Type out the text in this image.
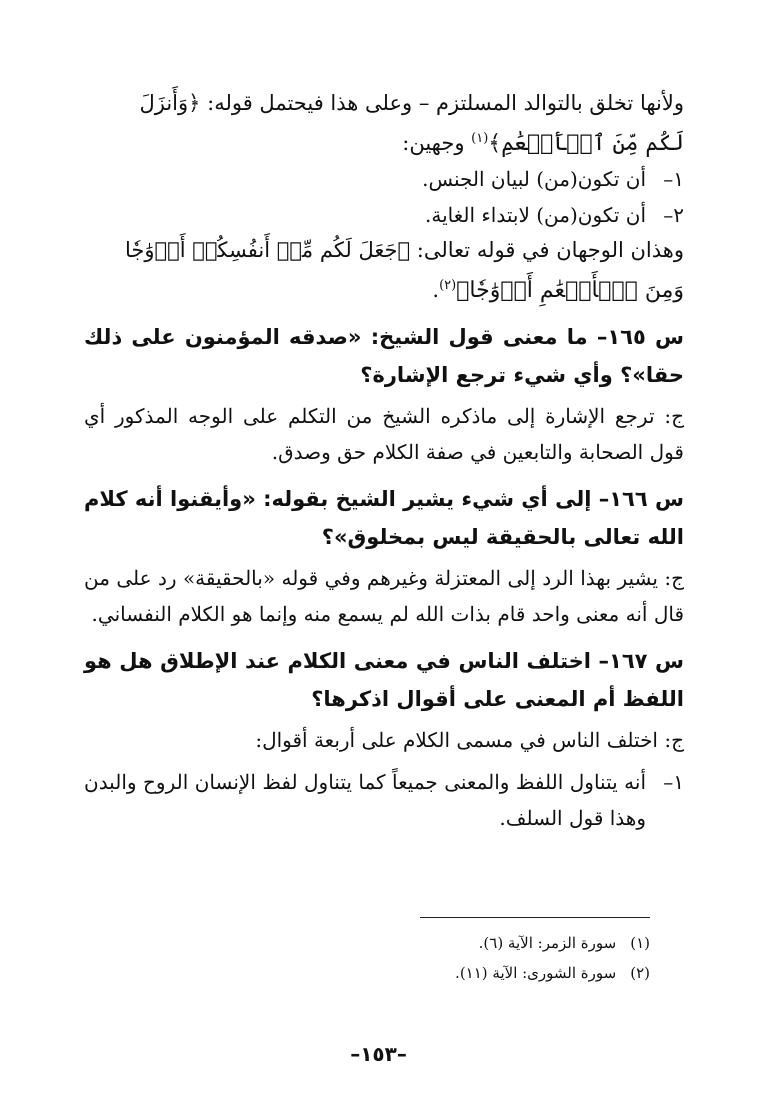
ولأنها تخلق بالتوالد المسلتزم – وعلى هذا فيحتمل قوله: ﴿وَأَنزَلَ

لَكُم مِّنَ ٱلۡأَنۡعَٰمِ﴾$^{(١)}$ وجهين:

١–
أن تكون(من) لبيان الجنس.
٢–
أن تكون(من) لابتداء الغاية.

وهذان الوجهان في قوله تعالى: ﴿جَعَلَ لَكُم مِّنۡ أَنفُسِكُمۡ أَزۡوَٰجٗا

وَمِنَ ٱلۡأَنۡعَٰمِ أَزۡوَٰجٗا﴾$^{(٢)}$.

س ١٦٥– ما معنى قول الشيخ: «صدقه المؤمنون على ذلك حقا»؟ وأي شيء ترجع الإشارة؟

ج: ترجع الإشارة إلى ماذكره الشيخ من التكلم على الوجه المذكور أي قول الصحابة والتابعين في صفة الكلام حق وصدق.

س ١٦٦– إلى أي شيء يشير الشيخ بقوله: «وأيقنوا أنه كلام الله تعالى بالحقيقة ليس بمخلوق»؟

ج: يشير بهذا الرد إلى المعتزلة وغيرهم وفي قوله «بالحقيقة» رد على من قال أنه معنى واحد قام بذات الله لم يسمع منه وإنما هو الكلام النفساني.

س ١٦٧– اختلف الناس في معنى الكلام عند الإطلاق هل هو اللفظ أم المعنى على أقوال اذكرها؟

ج: اختلف الناس في مسمى الكلام على أربعة أقوال:

١–
أنه يتناول اللفظ والمعنى جميعاً كما يتناول لفظ الإنسان الروح والبدن وهذا قول السلف.
(١)
سورة الزمر: الآية (٦).
(٢)
سورة الشورى: الآية (١١).
–١٥٣–
